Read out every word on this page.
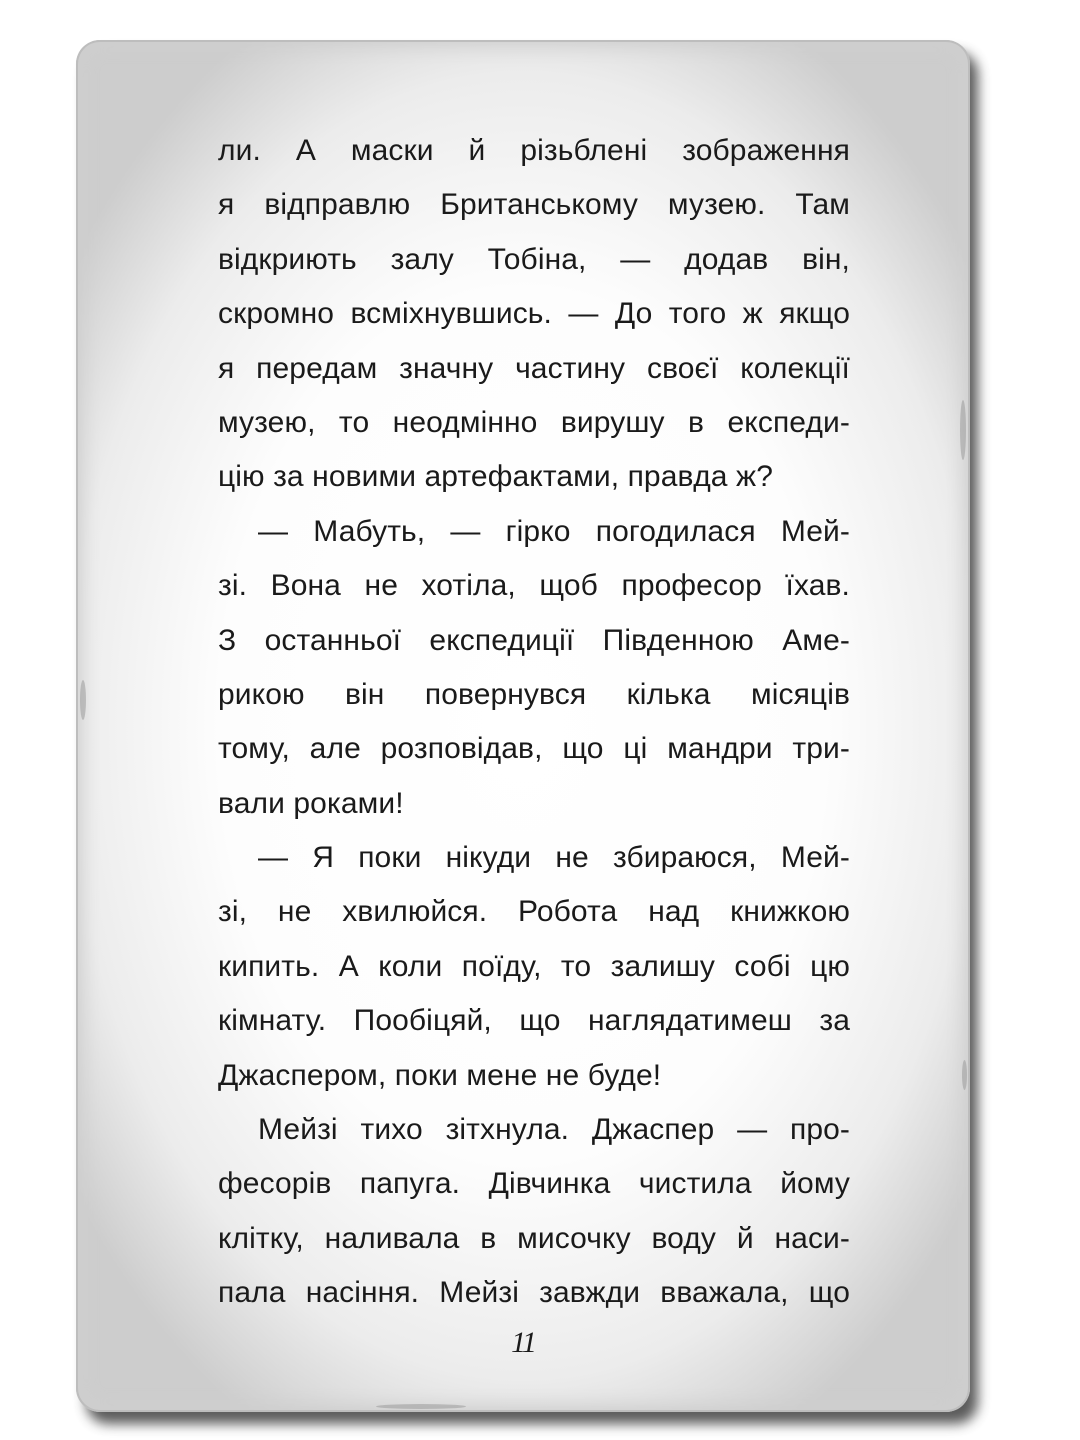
ли. А маски й різьблені зображення
я відправлю Британському музею. Там
відкриють залу Тобіна, — додав він,
скромно всміхнувшись. — До того ж якщо
я передам значну частину своєї колекції
музею, то неодмінно вирушу в експеди-
цію за новими артефактами, правда ж?
— Мабуть, — гірко погодилася Мей-
зі. Вона не хотіла, щоб професор їхав.
З останньої експедиції Південною Аме-
рикою він повернувся кілька місяців
тому, але розповідав, що ці мандри три-
вали роками!
— Я поки нікуди не збираюся, Мей-
зі, не хвилюйся. Робота над книжкою
кипить. А коли поїду, то залишу собі цю
кімнату. Пообіцяй, що наглядатимеш за
Джаспером, поки мене не буде!
Мейзі тихо зітхнула. Джаспер — про-
фесорів папуга. Дівчинка чистила йому
клітку, наливала в мисочку воду й наси-
пала насіння. Мейзі завжди вважала, що
11
